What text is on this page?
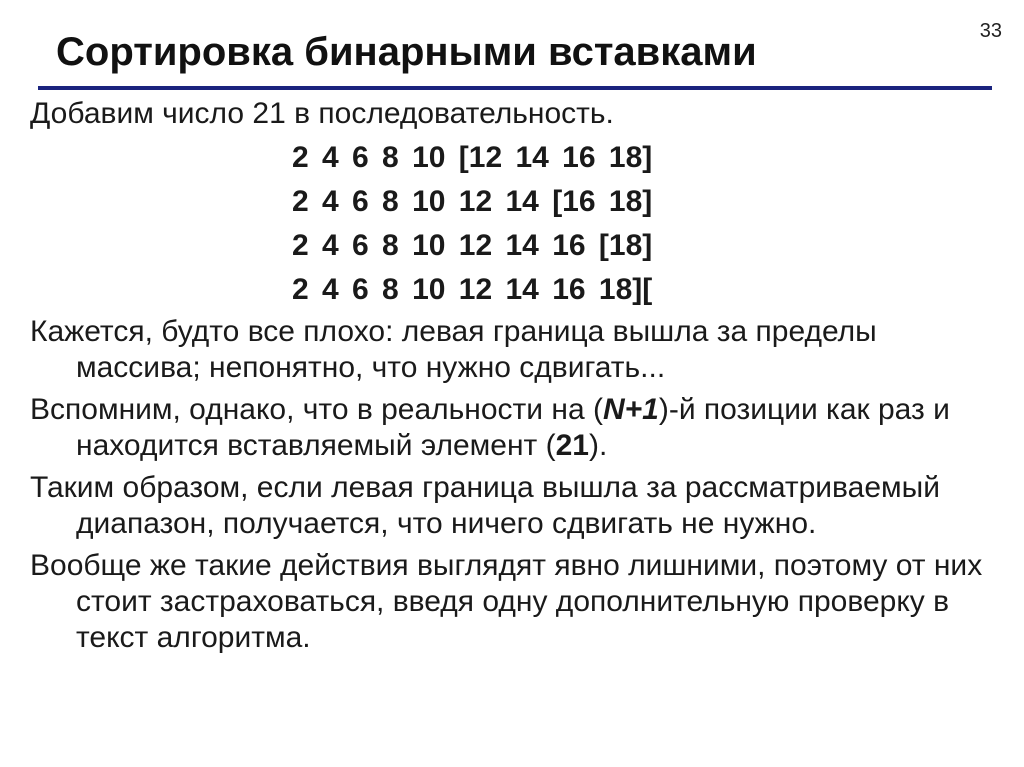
33
Сортировка бинарными вставками

Добавим число 21 в последовательность.

2 4 6 8 10 [12 14 16 18]
2 4 6 8 10 12 14 [16 18]
2 4 6 8 10 12 14 16 [18]
2 4 6 8 10 12 14 16 18][

Кажется, будто все плохо: левая граница вышла за пределы массива; непонятно, что нужно сдвигать...

Вспомним, однако, что в реальности на (N+1)-й позиции как раз и находится вставляемый элемент (21).

Таким образом, если левая граница вышла за рассматриваемый диапазон, получается, что ничего сдвигать не нужно.

Вообще же такие действия выглядят явно лишними, поэтому от них стоит застраховаться, введя одну дополнительную проверку в текст алгоритма.
